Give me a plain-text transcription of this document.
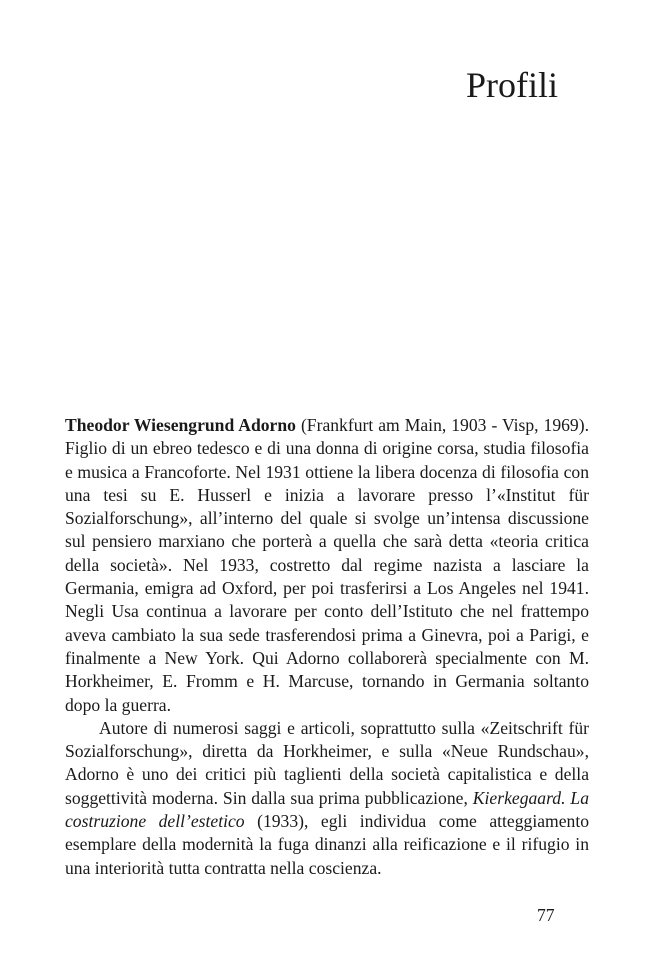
Profili

Theodor Wiesengrund Adorno (Frankfurt am Main, 1903 - Visp, 1969). Figlio di un ebreo tedesco e di una donna di origine corsa, studia filosofia e musica a Francoforte. Nel 1931 ottiene la libera docenza di filosofia con una tesi su E. Husserl e inizia a lavorare presso l’«Institut für Sozialforschung», all’interno del quale si svolge un’intensa discussione sul pensiero marxiano che porterà a quella che sarà detta «teoria critica della società». Nel 1933, costretto dal regime nazista a lasciare la Germania, emigra ad Oxford, per poi trasferirsi a Los Angeles nel 1941. Negli Usa continua a lavorare per conto dell’Istituto che nel frattempo aveva cambiato la sua sede trasferendosi prima a Ginevra, poi a Parigi, e finalmente a New York. Qui Adorno collaborerà specialmente con M. Horkheimer, E. Fromm e H. Marcuse, tornando in Germania soltanto dopo la guerra.

Autore di numerosi saggi e articoli, soprattutto sulla «Zeitschrift für Sozialforschung», diretta da Horkheimer, e sulla «Neue Rundschau», Adorno è uno dei critici più taglienti della società capitalistica e della soggettività moderna. Sin dalla sua prima pubblicazione, Kierkegaard. La costruzione dell’estetico (1933), egli individua come atteggiamento esemplare della modernità la fuga dinanzi alla reificazione e il rifugio in una interiorità tutta contratta nella coscienza.

77
